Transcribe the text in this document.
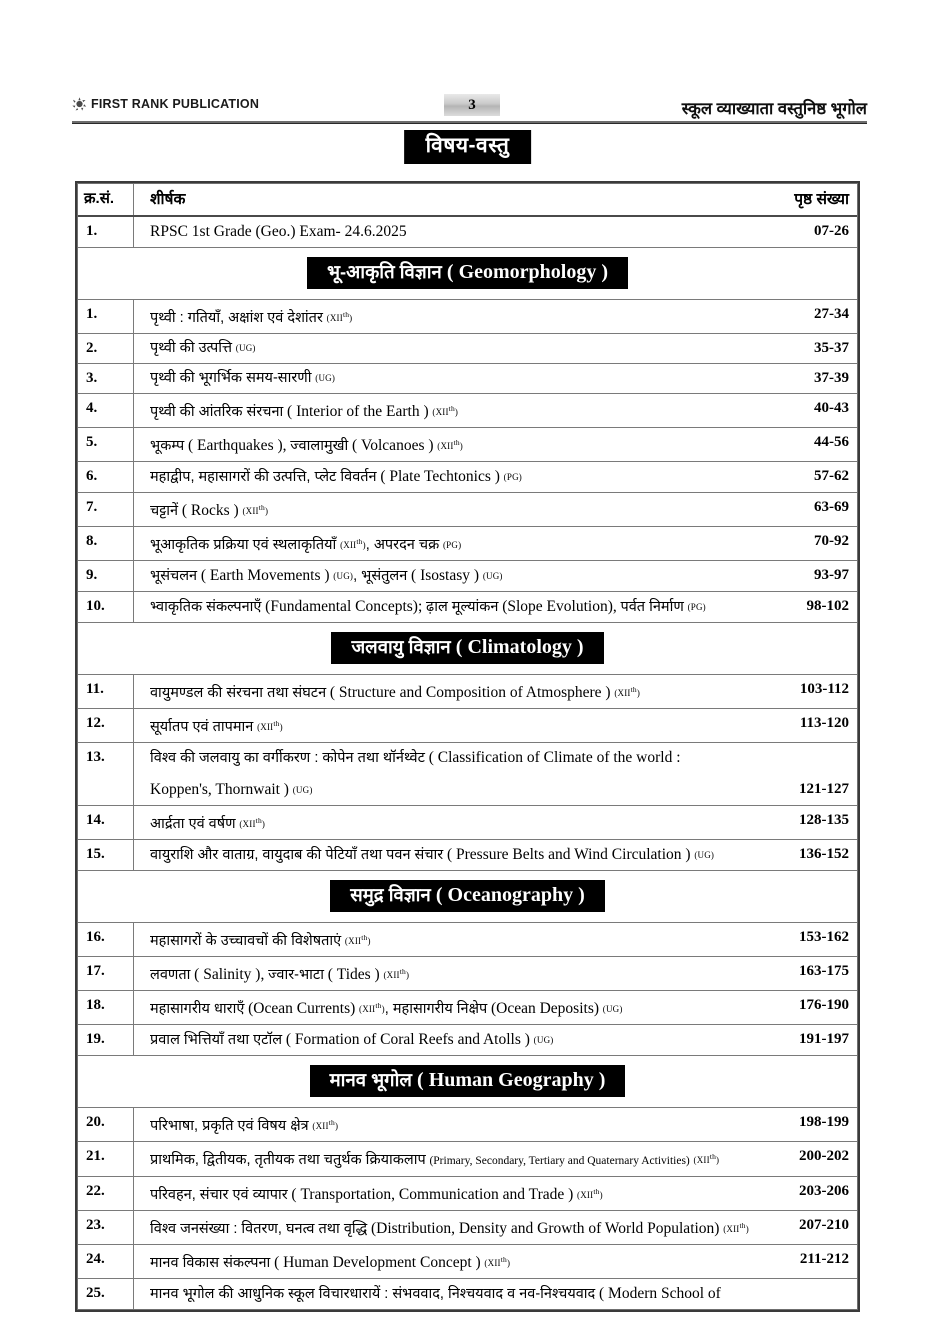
FIRST RANK PUBLICATION	3	स्कूल व्याख्याता वस्तुनिष्ठ भूगोल
विषय-वस्तु
क्र.सं.	शीर्षक	पृष्ठ संख्या
1.	RPSC 1st Grade (Geo.) Exam- 24.6.2025	07-26
भू-आकृति विज्ञान ( Geomorphology )
1.	पृथ्वी : गतियाँ, अक्षांश एवं देशांतर (XIIth)	27-34
2.	पृथ्वी की उत्पत्ति (UG)	35-37
3.	पृथ्वी की भूगर्भिक समय-सारणी (UG)	37-39
4.	पृथ्वी की आंतरिक संरचना ( Interior of the Earth ) (XIIth)	40-43
5.	भूकम्प ( Earthquakes ), ज्वालामुखी ( Volcanoes ) (XIIth)	44-56
6.	महाद्वीप, महासागरों की उत्पत्ति, प्लेट विवर्तन ( Plate Techtonics ) (PG)	57-62
7.	चट्टानें ( Rocks ) (XIIth)	63-69
8.	भूआकृतिक प्रक्रिया एवं स्थलाकृतियाँ (XIIth), अपरदन चक्र (PG)	70-92
9.	भूसंचलन ( Earth Movements ) (UG), भूसंतुलन ( Isostasy ) (UG)	93-97
10.	भ्वाकृतिक संकल्पनाएँ (Fundamental Concepts); ढ़ाल मूल्यांकन (Slope Evolution), पर्वत निर्माण (PG)	98-102
जलवायु विज्ञान ( Climatology )
11.	वायुमण्डल की संरचना तथा संघटन ( Structure and Composition of Atmosphere ) (XIIth)	103-112
12.	सूर्यातप एवं तापमान (XIIth)	113-120
13.	विश्व की जलवायु का वर्गीकरण : कोपेन तथा थॉर्नथ्वेट ( Classification of Climate of the world :
Koppen's, Thornwait ) (UG)	121-127
14.	आर्द्रता एवं वर्षण (XIIth)	128-135
15.	वायुराशि और वाताग्र, वायुदाब की पेटियाँ तथा पवन संचार ( Pressure Belts and Wind Circulation ) (UG)	136-152
समुद्र विज्ञान ( Oceanography )
16.	महासागरों के उच्चावचों की विशेषताएं (XIIth)	153-162
17.	लवणता ( Salinity ), ज्वार-भाटा ( Tides ) (XIIth)	163-175
18.	महासागरीय धाराएँ (Ocean Currents) (XIIth), महासागरीय निक्षेप (Ocean Deposits) (UG)	176-190
19.	प्रवाल भित्तियाँ तथा एटॉल ( Formation of Coral Reefs and Atolls ) (UG)	191-197
मानव भूगोल ( Human Geography )
20.	परिभाषा, प्रकृति एवं विषय क्षेत्र (XIIth)	198-199
21.	प्राथमिक, द्वितीयक, तृतीयक तथा चतुर्थक क्रियाकलाप (Primary, Secondary, Tertiary and Quaternary Activities) (XIIth)	200-202
22.	परिवहन, संचार एवं व्यापार ( Transportation, Communication and Trade ) (XIIth)	203-206
23.	विश्व जनसंख्या : वितरण, घनत्व तथा वृद्धि (Distribution, Density and Growth of World Population) (XIIth)	207-210
24.	मानव विकास संकल्पना ( Human Development Concept ) (XIIth)	211-212
25.	मानव भूगोल की आधुनिक स्कूल विचारधारायें : संभववाद, निश्चयवाद व नव-निश्चयवाद ( Modern School of
